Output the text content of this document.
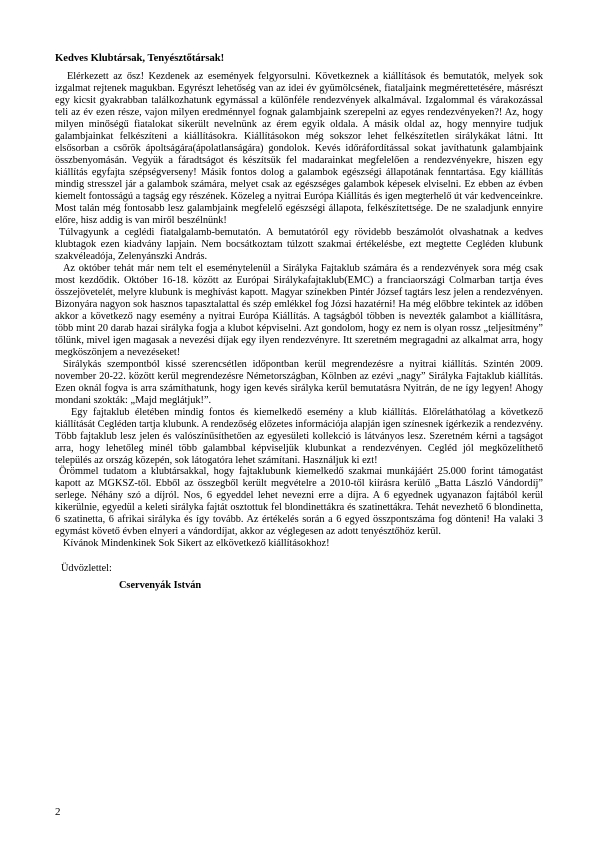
Kedves Klubtársak, Tenyésztőtársak!

Elérkezett az ősz! Kezdenek az események felgyorsulni. Következnek a kiállítások és bemutatók, melyek sok izgalmat rejtenek magukban. Egyrészt lehetőség van az idei év gyümölcsének, fiataljaink megmérettetésére, másrészt egy kicsit gyakrabban találkozhatunk egymással a különféle rendezvények alkalmával. Izgalommal és várakozással teli az év ezen része, vajon milyen eredménnyel fognak galambjaink szerepelni az egyes rendezvényeken?! Az, hogy milyen minőségű fiatalokat sikerült nevelnünk az érem egyik oldala. A másik oldal az, hogy mennyire tudjuk galambjainkat felkészíteni a kiállításokra. Kiállításokon még sokszor lehet felkészítetlen sirálykákat látni. Itt elsősorban a csőrök ápoltságára(ápolatlanságára) gondolok. Kevés időráfordítással sokat javíthatunk galambjaink összbenyomásán. Vegyük a fáradtságot és készítsük fel madarainkat megfelelően a rendezvényekre, hiszen egy kiállítás egyfajta szépségverseny! Másik fontos dolog a galambok egészségi állapotának fenntartása. Egy kiállítás mindig stresszel jár a galambok számára, melyet csak az egészséges galambok képesek elviselni. Ez ebben az évben kiemelt fontosságú a tagság egy részének. Közeleg a nyitrai Európa Kiállítás és igen megterhelő út vár kedvenceinkre. Most talán még fontosabb lesz galambjaink megfelelő egészségi állapota, felkészítettsége. De ne szaladjunk ennyire előre, hisz addig is van miről beszélnünk!

Túlvagyunk a ceglédi fiatalgalamb-bemutatón. A bemutatóról egy rövidebb beszámolót olvashatnak a kedves klubtagok ezen kiadvány lapjain. Nem bocsátkoztam túlzott szakmai értékelésbe, ezt megtette Cegléden klubunk szakvéleadója, Zelenyánszki András.

Az október tehát már nem telt el eseménytelenül a Sirályka Fajtaklub számára és a rendezvények sora még csak most kezdődik. Október 16-18. között az Európai Sirálykafajtaklub(EMC) a franciaországi Colmarban tartja éves összejövetelét, melyre klubunk is meghívást kapott. Magyar színekben Pintér József tagtárs lesz jelen a rendezvényen. Bizonyára nagyon sok hasznos tapasztalattal és szép emlékkel fog Józsi hazatérni! Ha még előbbre tekintek az időben akkor a következő nagy esemény a nyitrai Európa Kiállítás. A tagságból többen is nevezték galambot a kiállításra, több mint 20 darab hazai sirályka fogja a klubot képviselni. Azt gondolom, hogy ez nem is olyan rossz „teljesítmény” tőlünk, mivel igen magasak a nevezési díjak egy ilyen rendezvényre. Itt szeretném megragadni az alkalmat arra, hogy megköszönjem a nevezéseket!

Sirálykás szempontból kissé szerencsétlen időpontban kerül megrendezésre a nyitrai kiállítás. Szintén 2009. november 20-22. között kerül megrendezésre Németországban, Kölnben az ezévi „nagy” Sirályka Fajtaklub kiállítás. Ezen oknál fogva is arra számíthatunk, hogy igen kevés sirályka kerül bemutatásra Nyitrán, de ne így legyen! Ahogy mondani szokták: „Majd meglátjuk!”.

Egy fajtaklub életében mindig fontos és kiemelkedő esemény a klub kiállítás. Előreláthatólag a következő kiállítását Cegléden tartja klubunk. A rendezőség előzetes információja alapján igen színesnek ígérkezik a rendezvény. Több fajtaklub lesz jelen és valószínűsíthetően az egyesületi kollekció is látványos lesz. Szeretném kérni a tagságot arra, hogy lehetőleg minél több galambbal képviseljük klubunkat a rendezvényen. Cegléd jól megközelíthető település az ország közepén, sok látogatóra lehet számítani. Használjuk ki ezt!

Örömmel tudatom a klubtársakkal, hogy fajtaklubunk kiemelkedő szakmai munkájáért 25.000 forint támogatást kapott az MGKSZ-től. Ebből az összegből került megvételre a 2010-től kiírásra kerülő „Batta László Vándordíj” serlege. Néhány szó a díjról. Nos, 6 egyeddel lehet nevezni erre a díjra. A 6 egyednek ugyanazon fajtából kerül kikerülnie, egyedül a keleti sirályka fajtát osztottuk fel blondinettákra és szatinettákra. Tehát nevezhető 6 blondinetta, 6 szatinetta, 6 afrikai sirályka és így tovább. Az értékelés során a 6 egyed összpontszáma fog dönteni! Ha valaki 3 egymást követő évben elnyeri a vándordíjat, akkor az véglegesen az adott tenyésztőhöz kerül.

Kívánok Mindenkinek Sok Sikert az elkövetkező kiállításokhoz!

Üdvözlettel:

Cservenyák István

2
